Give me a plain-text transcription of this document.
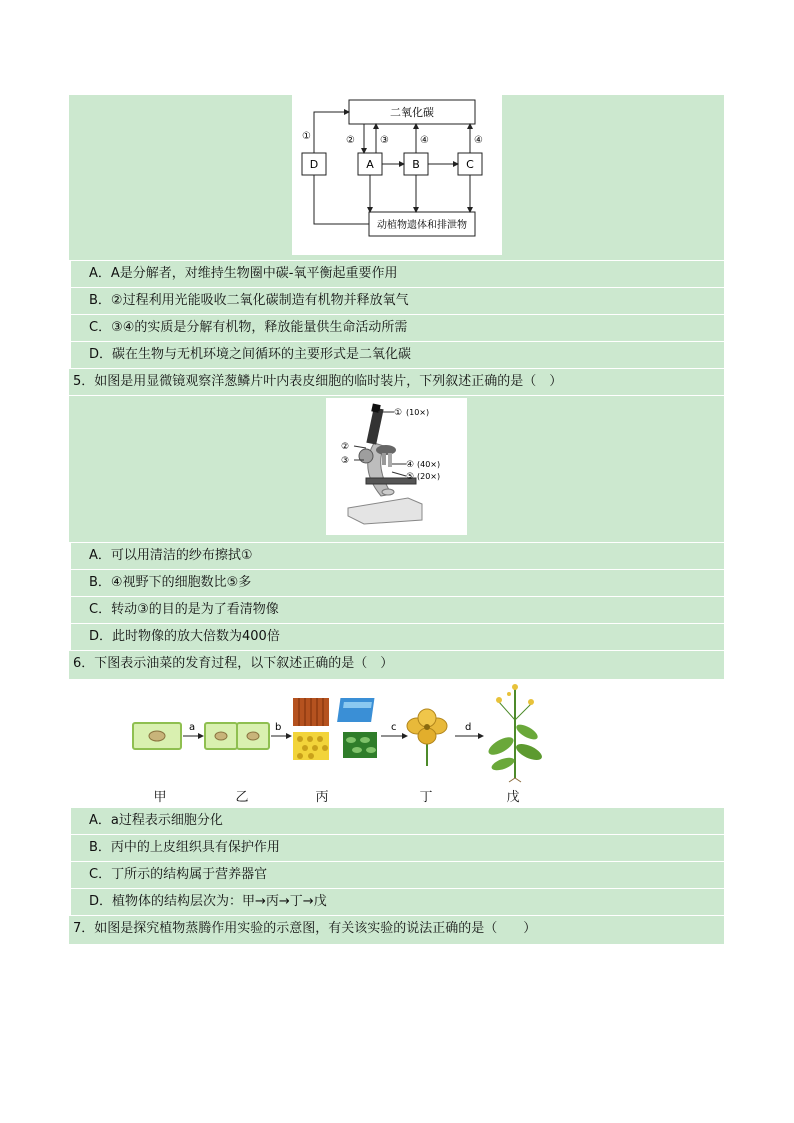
二氧化碳
动植物遗体和排泄物
D	A	B	C
①	②	③	④	④
A．A是分解者，对维持生物圈中碳-氧平衡起重要作用
B．②过程利用光能吸收二氧化碳制造有机物并释放氧气
C．③④的实质是分解有机物，释放能量供生命活动所需
D．碳在生物与无机环境之间循环的主要形式是二氧化碳
5．如图是用显微镜观察洋葱鳞片叶内表皮细胞的临时装片，下列叙述正确的是（　）
① (10×)
②
③	④ (40×)
⑤ (20×)
A．可以用清洁的纱布擦拭①
B．④视野下的细胞数比⑤多
C．转动③的目的是为了看清物像
D．此时物像的放大倍数为400倍
6．下图表示油菜的发育过程，以下叙述正确的是（　）
a	b	c	d
甲	乙	丙	丁	戊
A．a过程表示细胞分化
B．丙中的上皮组织具有保护作用
C．丁所示的结构属于营养器官
D．植物体的结构层次为：甲→丙→丁→戊
7．如图是探究植物蒸腾作用实验的示意图，有关该实验的说法正确的是（　　）
